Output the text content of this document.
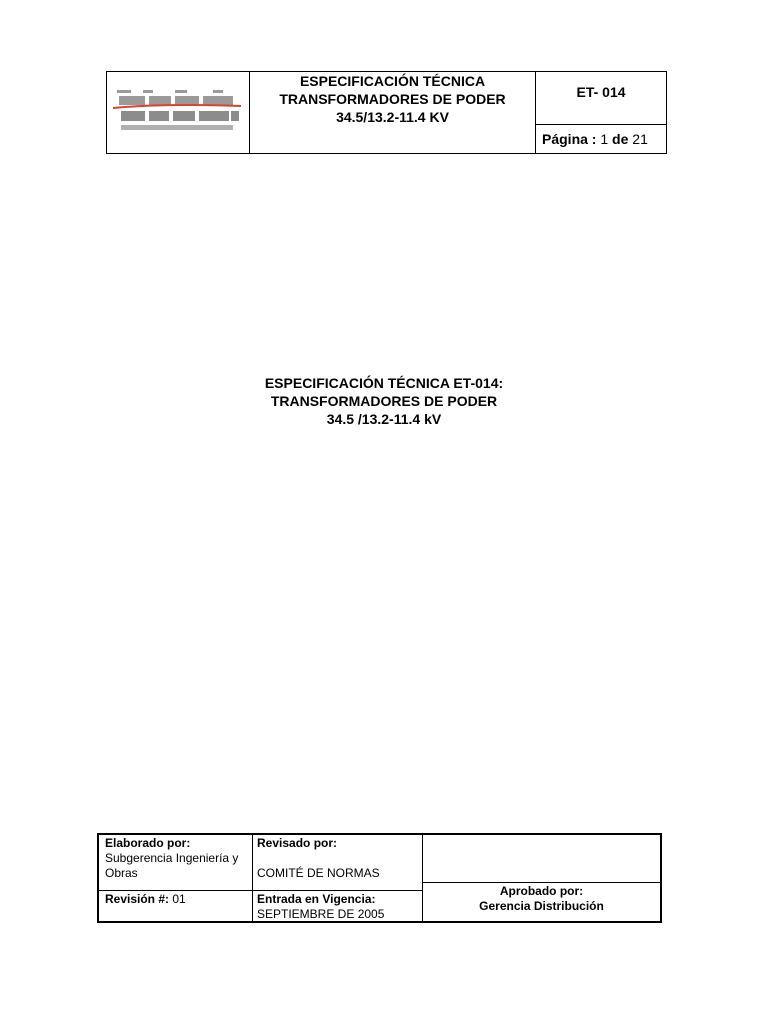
ESPECIFICACIÓN TÉCNICA
TRANSFORMADORES DE PODER
34.5/13.2-11.4 KV
ET- 014
Página : 1 de 21
ESPECIFICACIÓN TÉCNICA ET-014:
TRANSFORMADORES DE PODER
34.5 /13.2-11.4 kV
Elaborado por:
Subgerencia Ingeniería y Obras
Revisado por:
COMITÉ DE NORMAS
Revisión #: 01	Entrada en Vigencia:
SEPTIEMBRE DE 2005
Aprobado por:
Gerencia Distribución
